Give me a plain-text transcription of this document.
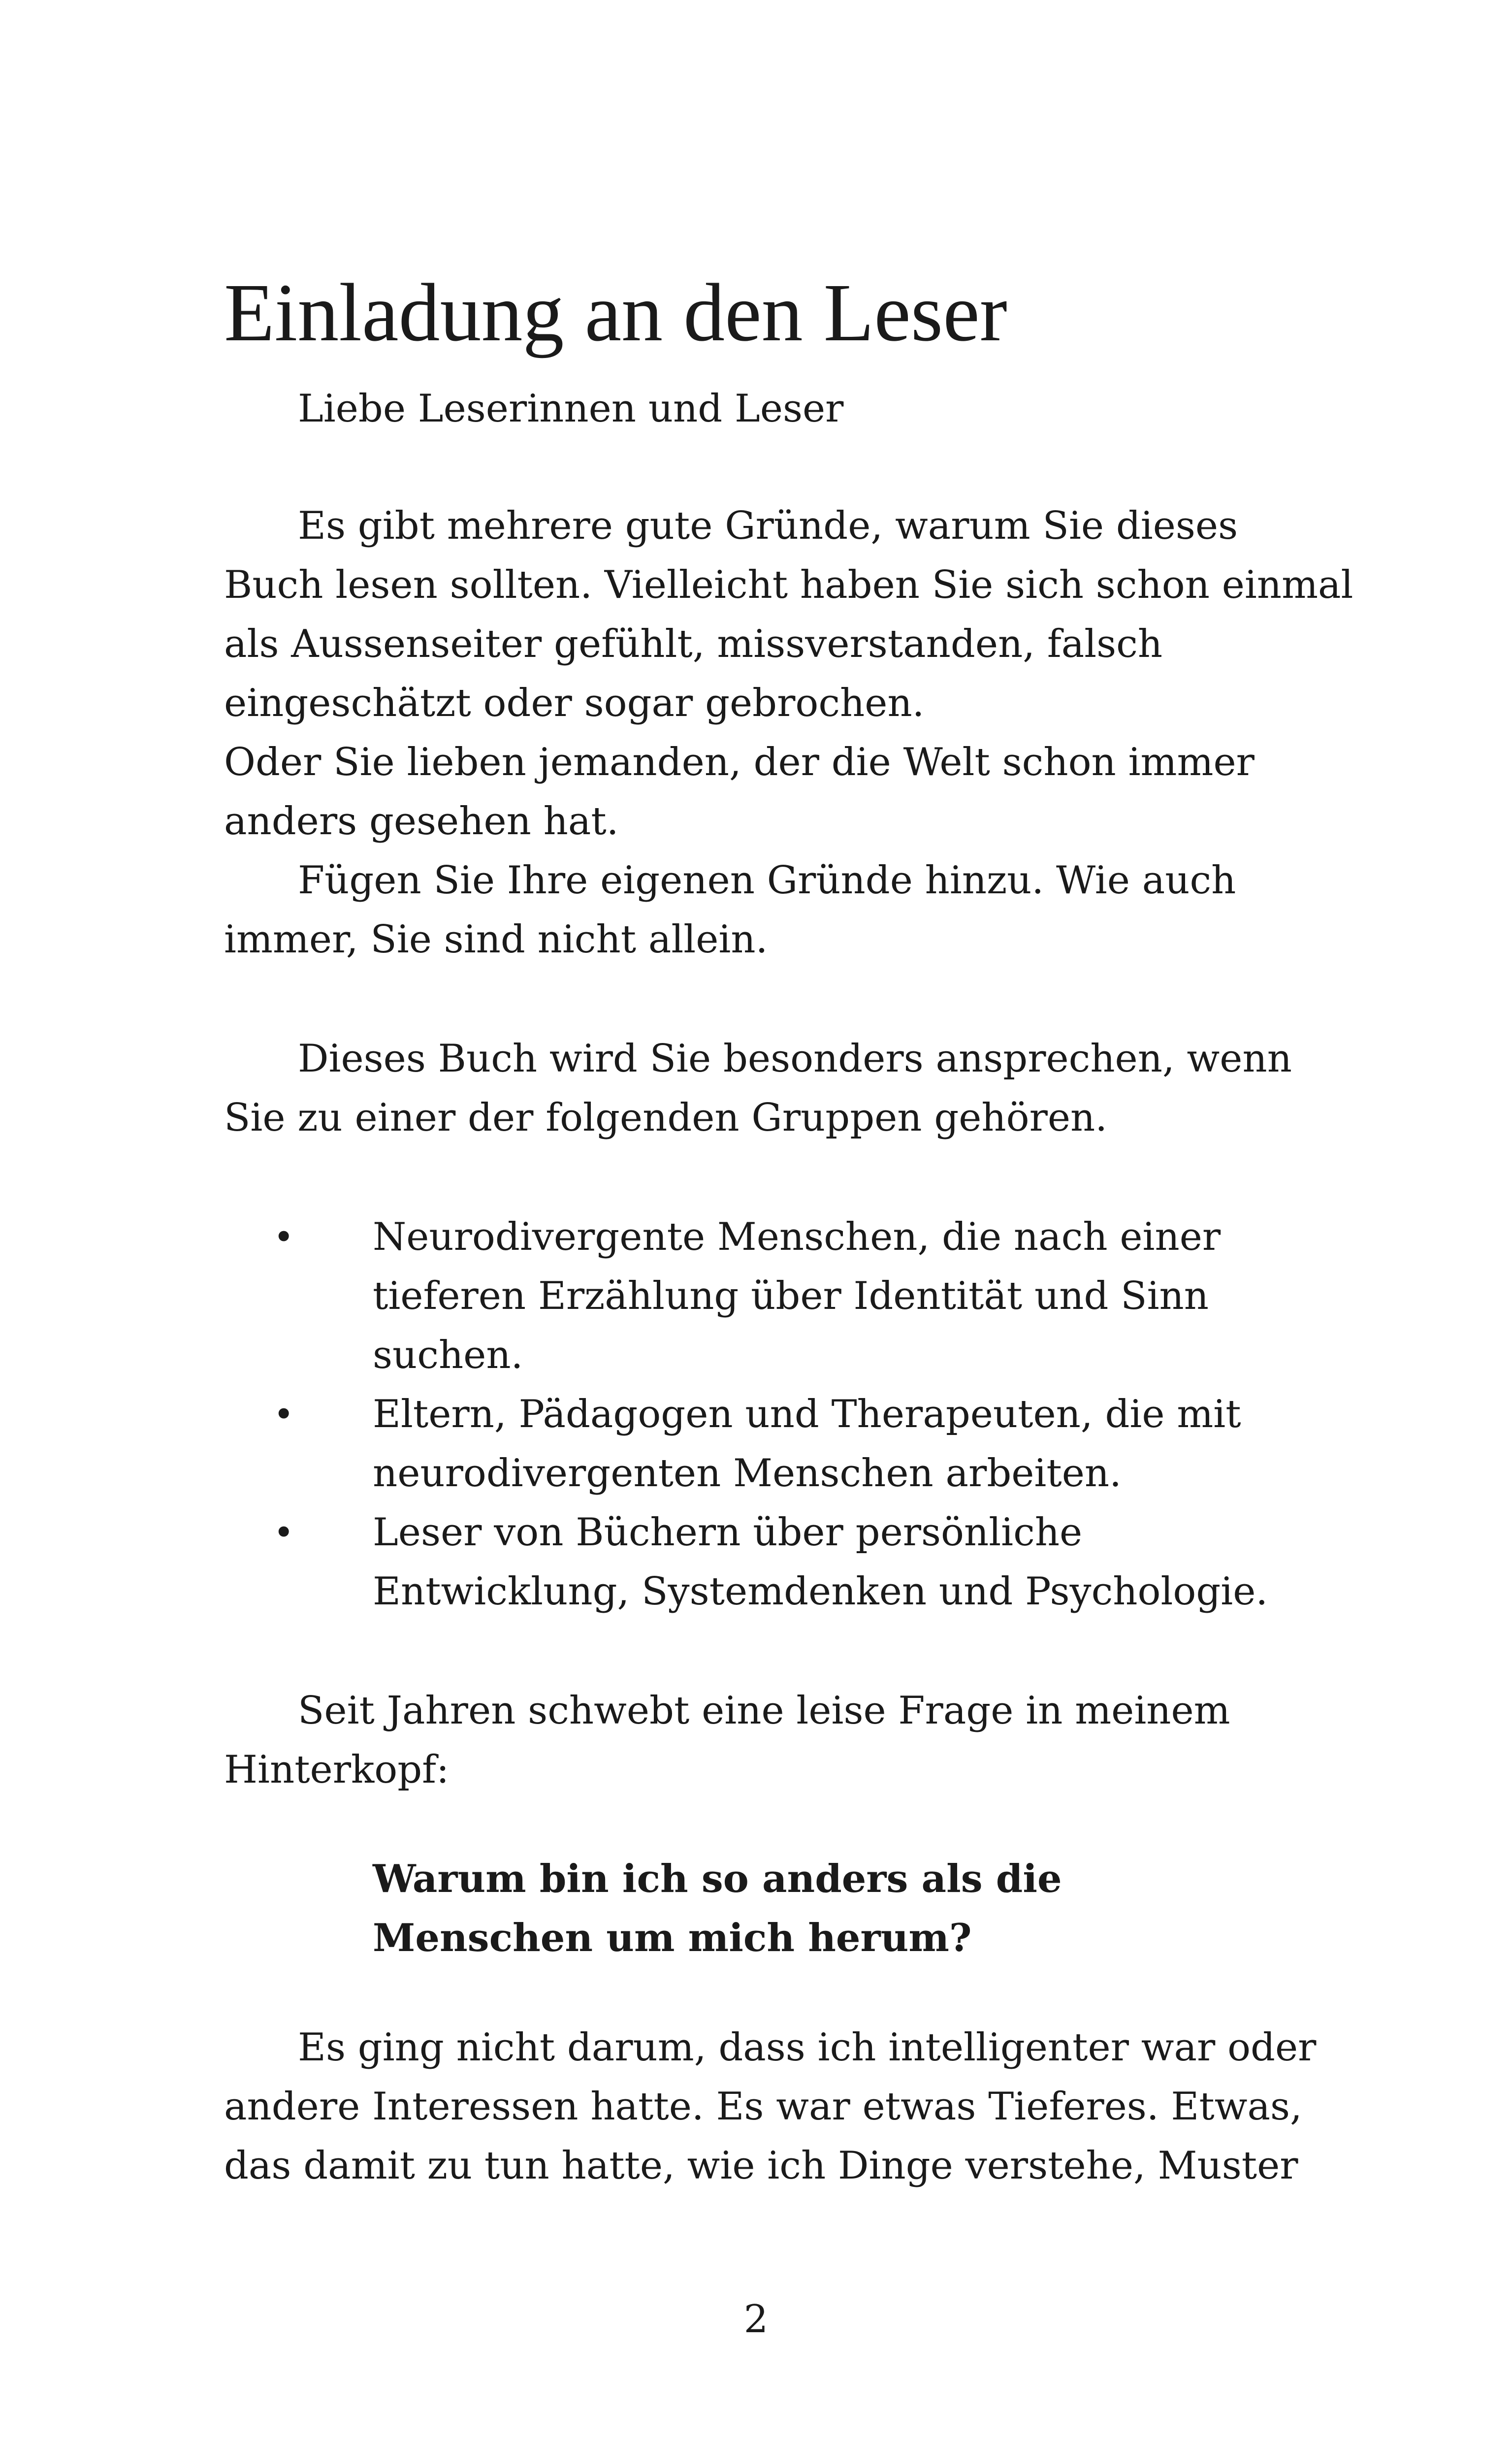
Einladung an den Leser

Liebe Leserinnen und Leser

Es gibt mehrere gute Gründe, warum Sie dieses

Buch lesen sollten. Vielleicht haben Sie sich schon einmal

als Aussenseiter gefühlt, missverstanden, falsch

eingeschätzt oder sogar gebrochen.

Oder Sie lieben jemanden, der die Welt schon immer

anders gesehen hat.

Fügen Sie Ihre eigenen Gründe hinzu. Wie auch

immer, Sie sind nicht allein.

Dieses Buch wird Sie besonders ansprechen, wenn

Sie zu einer der folgenden Gruppen gehören.

• Neurodivergente Menschen, die nach einer

tieferen Erzählung über Identität und Sinn

suchen.

• Eltern, Pädagogen und Therapeuten, die mit

neurodivergenten Menschen arbeiten.

• Leser von Büchern über persönliche

Entwicklung, Systemdenken und Psychologie.

Seit Jahren schwebt eine leise Frage in meinem

Hinterkopf:

Warum bin ich so anders als die

Menschen um mich herum?

Es ging nicht darum, dass ich intelligenter war oder

andere Interessen hatte. Es war etwas Tieferes. Etwas,

das damit zu tun hatte, wie ich Dinge verstehe, Muster

2
